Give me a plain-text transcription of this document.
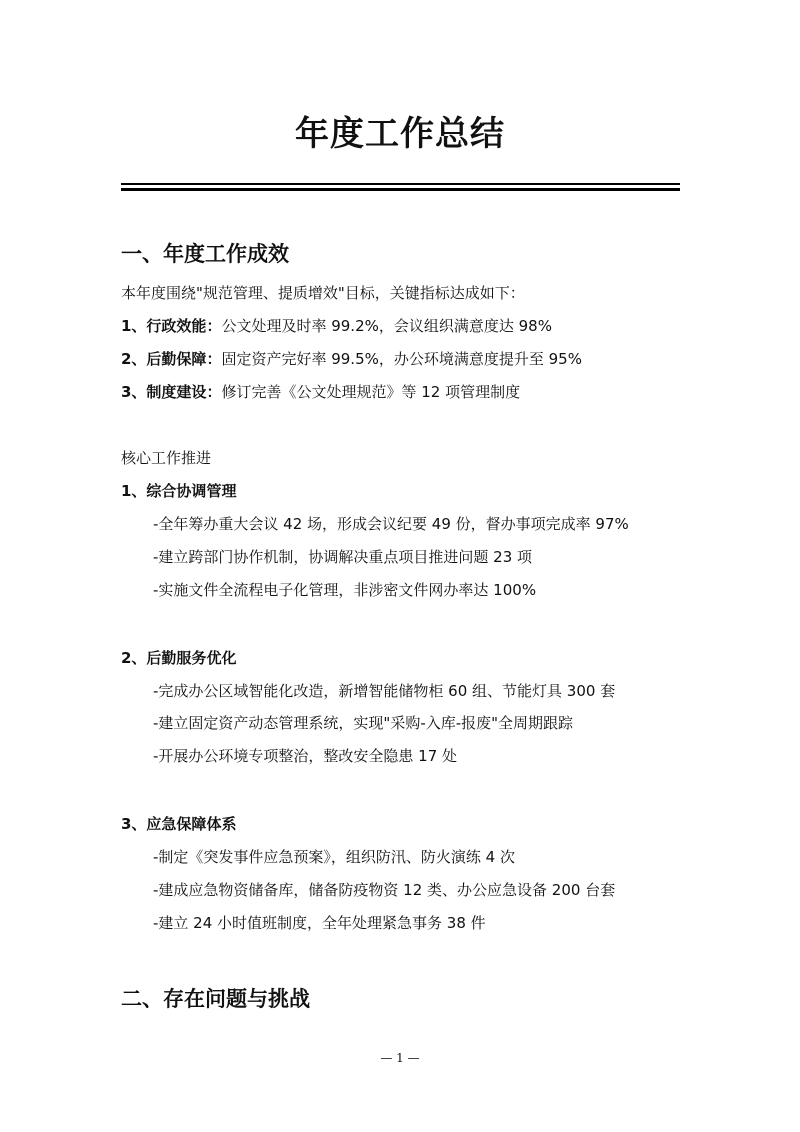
年度工作总结
一、年度工作成效
本年度围绕"规范管理、提质增效"目标，关键指标达成如下：
1、行政效能：公文处理及时率 99.2%，会议组织满意度达 98%
2、后勤保障：固定资产完好率 99.5%，办公环境满意度提升至 95%
3、制度建设：修订完善《公文处理规范》等 12 项管理制度
核心工作推进
1、综合协调管理
-全年筹办重大会议 42 场，形成会议纪要 49 份，督办事项完成率 97%
-建立跨部门协作机制，协调解决重点项目推进问题 23 项
-实施文件全流程电子化管理，非涉密文件网办率达 100%
2、后勤服务优化
-完成办公区域智能化改造，新增智能储物柜 60 组、节能灯具 300 套
-建立固定资产动态管理系统，实现"采购-入库-报废"全周期跟踪
-开展办公环境专项整治，整改安全隐患 17 处
3、应急保障体系
-制定《突发事件应急预案》，组织防汛、防火演练 4 次
-建成应急物资储备库，储备防疫物资 12 类、办公应急设备 200 台套
-建立 24 小时值班制度，全年处理紧急事务 38 件
二、存在问题与挑战
— 1 —
